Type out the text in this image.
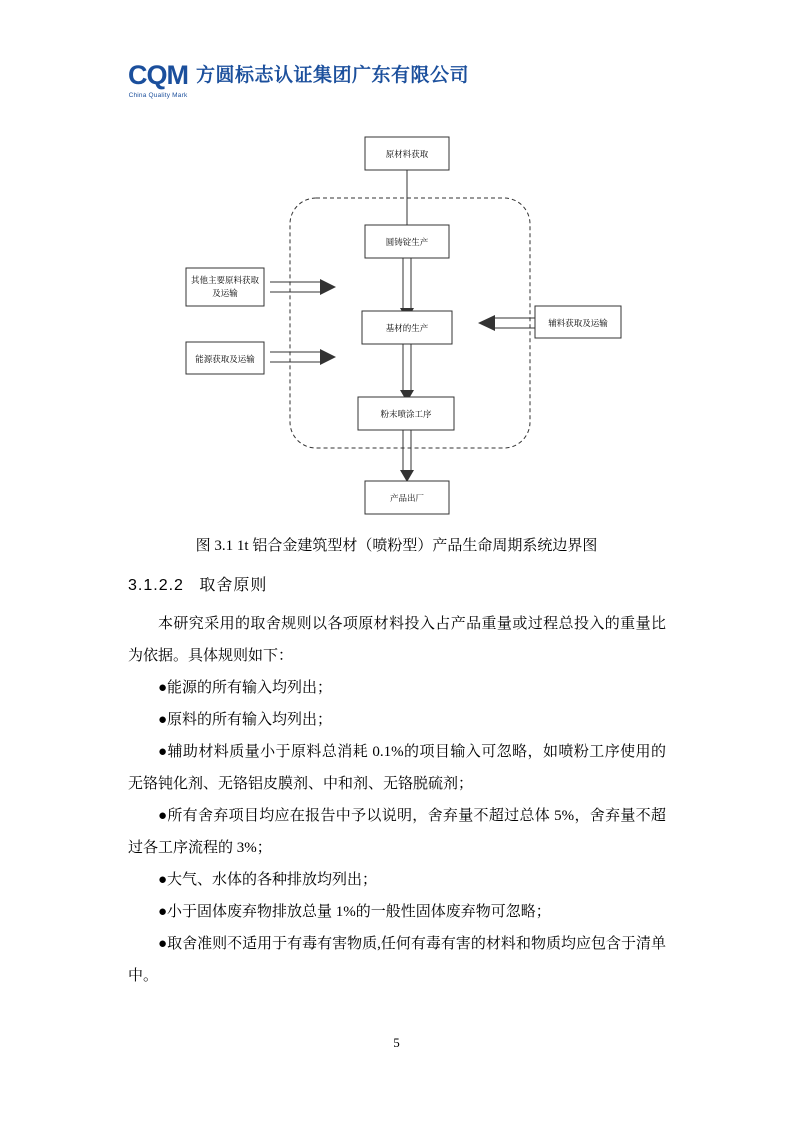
CQM
China Quality Mark
方圆标志认证集团广东有限公司
原材料获取
圆铸锭生产
基材的生产
粉末喷涂工序
产品出厂
其他主要原料获取
及运输
能源获取及运输
辅料获取及运输
图 3.1 1t 铝合金建筑型材（喷粉型）产品生命周期系统边界图
3.1.2.2 取舍原则

本研究采用的取舍规则以各项原材料投入占产品重量或过程总投入的重量比为依据。具体规则如下：

●能源的所有输入均列出；

●原料的所有输入均列出；

●辅助材料质量小于原料总消耗 0.1%的项目输入可忽略，如喷粉工序使用的无铬钝化剂、无铬铝皮膜剂、中和剂、无铬脱硫剂；

●所有舍弃项目均应在报告中予以说明，舍弃量不超过总体 5%，舍弃量不超过各工序流程的 3%；

●大气、水体的各种排放均列出；

●小于固体废弃物排放总量 1%的一般性固体废弃物可忽略；

●取舍准则不适用于有毒有害物质,任何有毒有害的材料和物质均应包含于清单中。

5
